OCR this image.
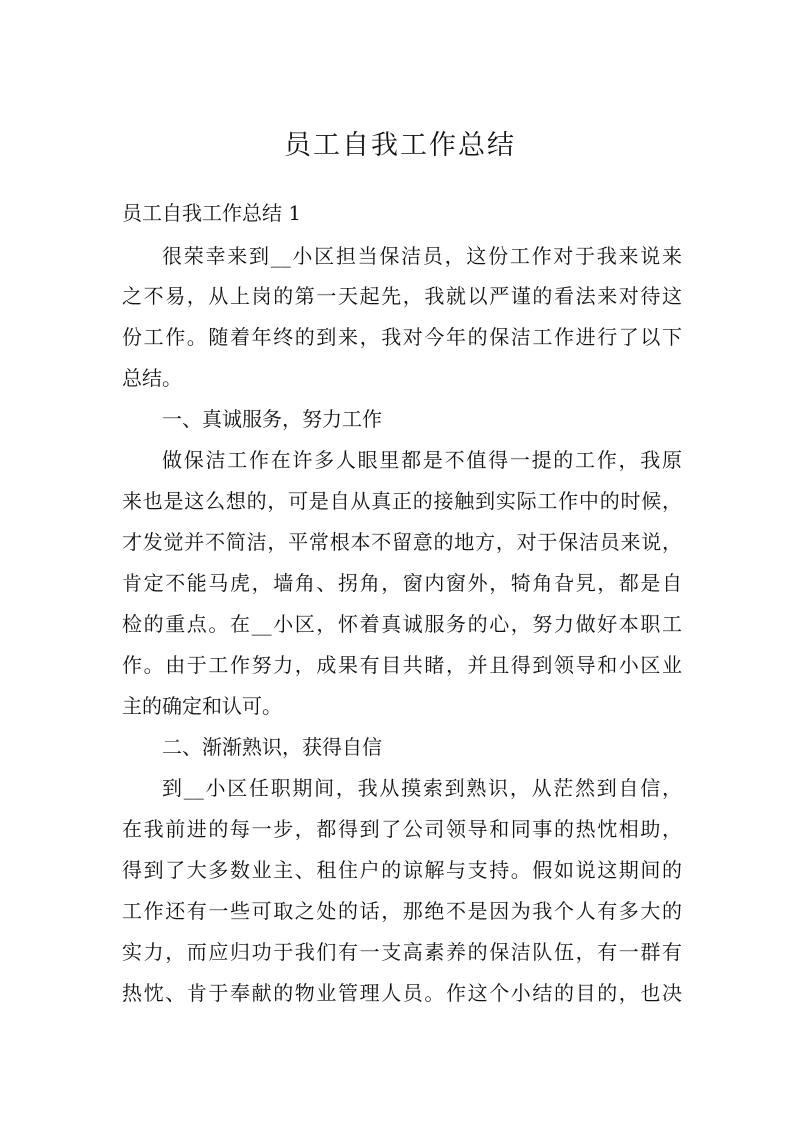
员工自我工作总结
员工自我工作总结 1
很荣幸来到__小区担当保洁员，这份工作对于我来说来
之不易，从上岗的第一天起先，我就以严谨的看法来对待这
份工作。随着年终的到来，我对今年的保洁工作进行了以下
总结。
一、真诚服务，努力工作
做保洁工作在许多人眼里都是不值得一提的工作，我原
来也是这么想的，可是自从真正的接触到实际工作中的时候，
才发觉并不简洁，平常根本不留意的地方，对于保洁员来说，
肯定不能马虎，墙角、拐角，窗内窗外，犄角旮旯，都是自
检的重点。在__小区，怀着真诚服务的心，努力做好本职工
作。由于工作努力，成果有目共睹，并且得到领导和小区业
主的确定和认可。
二、渐渐熟识，获得自信
到__小区任职期间，我从摸索到熟识，从茫然到自信，
在我前进的每一步，都得到了公司领导和同事的热忱相助，
得到了大多数业主、租住户的谅解与支持。假如说这期间的
工作还有一些可取之处的话，那绝不是因为我个人有多大的
实力，而应归功于我们有一支高素养的保洁队伍，有一群有
热忱、肯于奉献的物业管理人员。作这个小结的目的，也决
